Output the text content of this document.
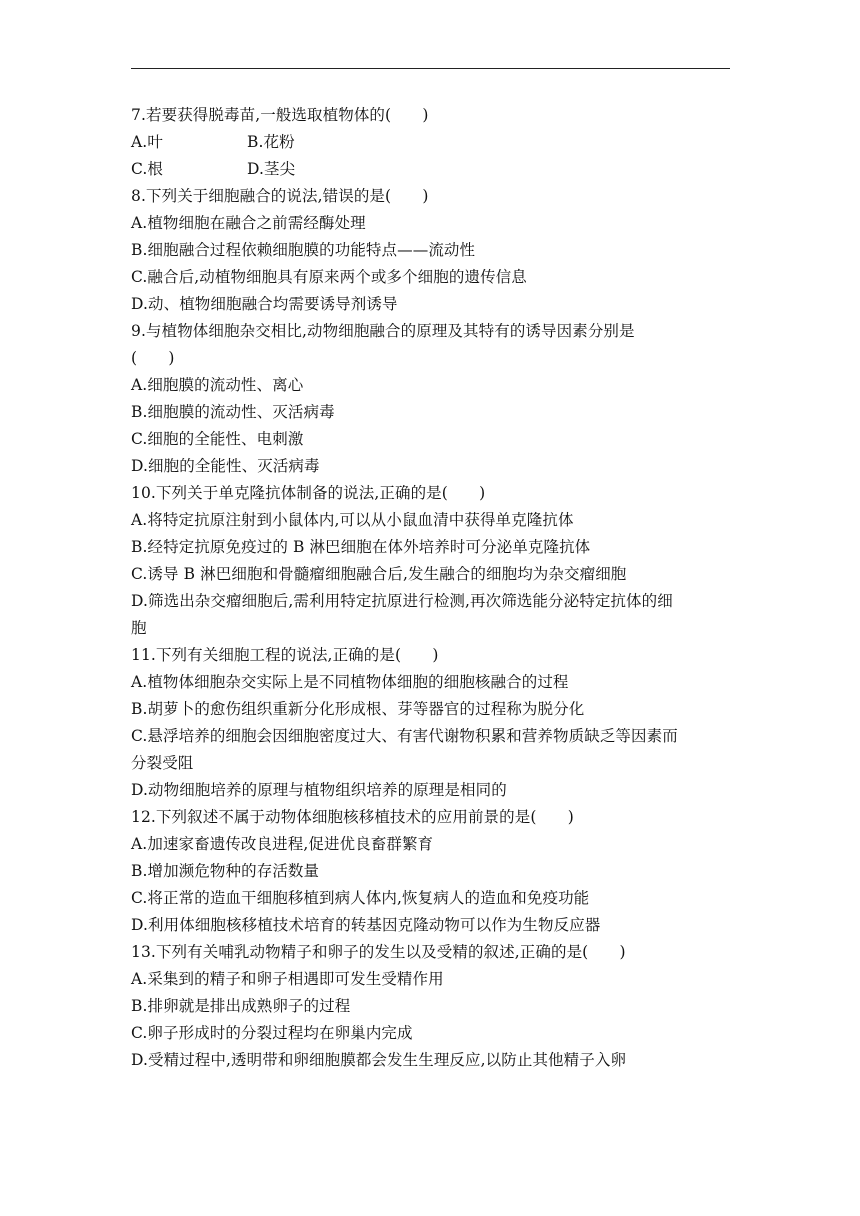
7.若要获得脱毒苗,一般选取植物体的(　　)
A.叶	B.花粉
C.根	D.茎尖
8.下列关于细胞融合的说法,错误的是(　　)
A.植物细胞在融合之前需经酶处理
B.细胞融合过程依赖细胞膜的功能特点——流动性
C.融合后,动植物细胞具有原来两个或多个细胞的遗传信息
D.动、植物细胞融合均需要诱导剂诱导
9.与植物体细胞杂交相比,动物细胞融合的原理及其特有的诱导因素分别是
(　　)
A.细胞膜的流动性、离心
B.细胞膜的流动性、灭活病毒
C.细胞的全能性、电刺激
D.细胞的全能性、灭活病毒
10.下列关于单克隆抗体制备的说法,正确的是(　　)
A.将特定抗原注射到小鼠体内,可以从小鼠血清中获得单克隆抗体
B.经特定抗原免疫过的 B 淋巴细胞在体外培养时可分泌单克隆抗体
C.诱导 B 淋巴细胞和骨髓瘤细胞融合后,发生融合的细胞均为杂交瘤细胞
D.筛选出杂交瘤细胞后,需利用特定抗原进行检测,再次筛选能分泌特定抗体的细
胞
11.下列有关细胞工程的说法,正确的是(　　)
A.植物体细胞杂交实际上是不同植物体细胞的细胞核融合的过程
B.胡萝卜的愈伤组织重新分化形成根、芽等器官的过程称为脱分化
C.悬浮培养的细胞会因细胞密度过大、有害代谢物积累和营养物质缺乏等因素而
分裂受阻
D.动物细胞培养的原理与植物组织培养的原理是相同的
12.下列叙述不属于动物体细胞核移植技术的应用前景的是(　　)
A.加速家畜遗传改良进程,促进优良畜群繁育
B.增加濒危物种的存活数量
C.将正常的造血干细胞移植到病人体内,恢复病人的造血和免疫功能
D.利用体细胞核移植技术培育的转基因克隆动物可以作为生物反应器
13.下列有关哺乳动物精子和卵子的发生以及受精的叙述,正确的是(　　)
A.采集到的精子和卵子相遇即可发生受精作用
B.排卵就是排出成熟卵子的过程
C.卵子形成时的分裂过程均在卵巢内完成
D.受精过程中,透明带和卵细胞膜都会发生生理反应,以防止其他精子入卵
